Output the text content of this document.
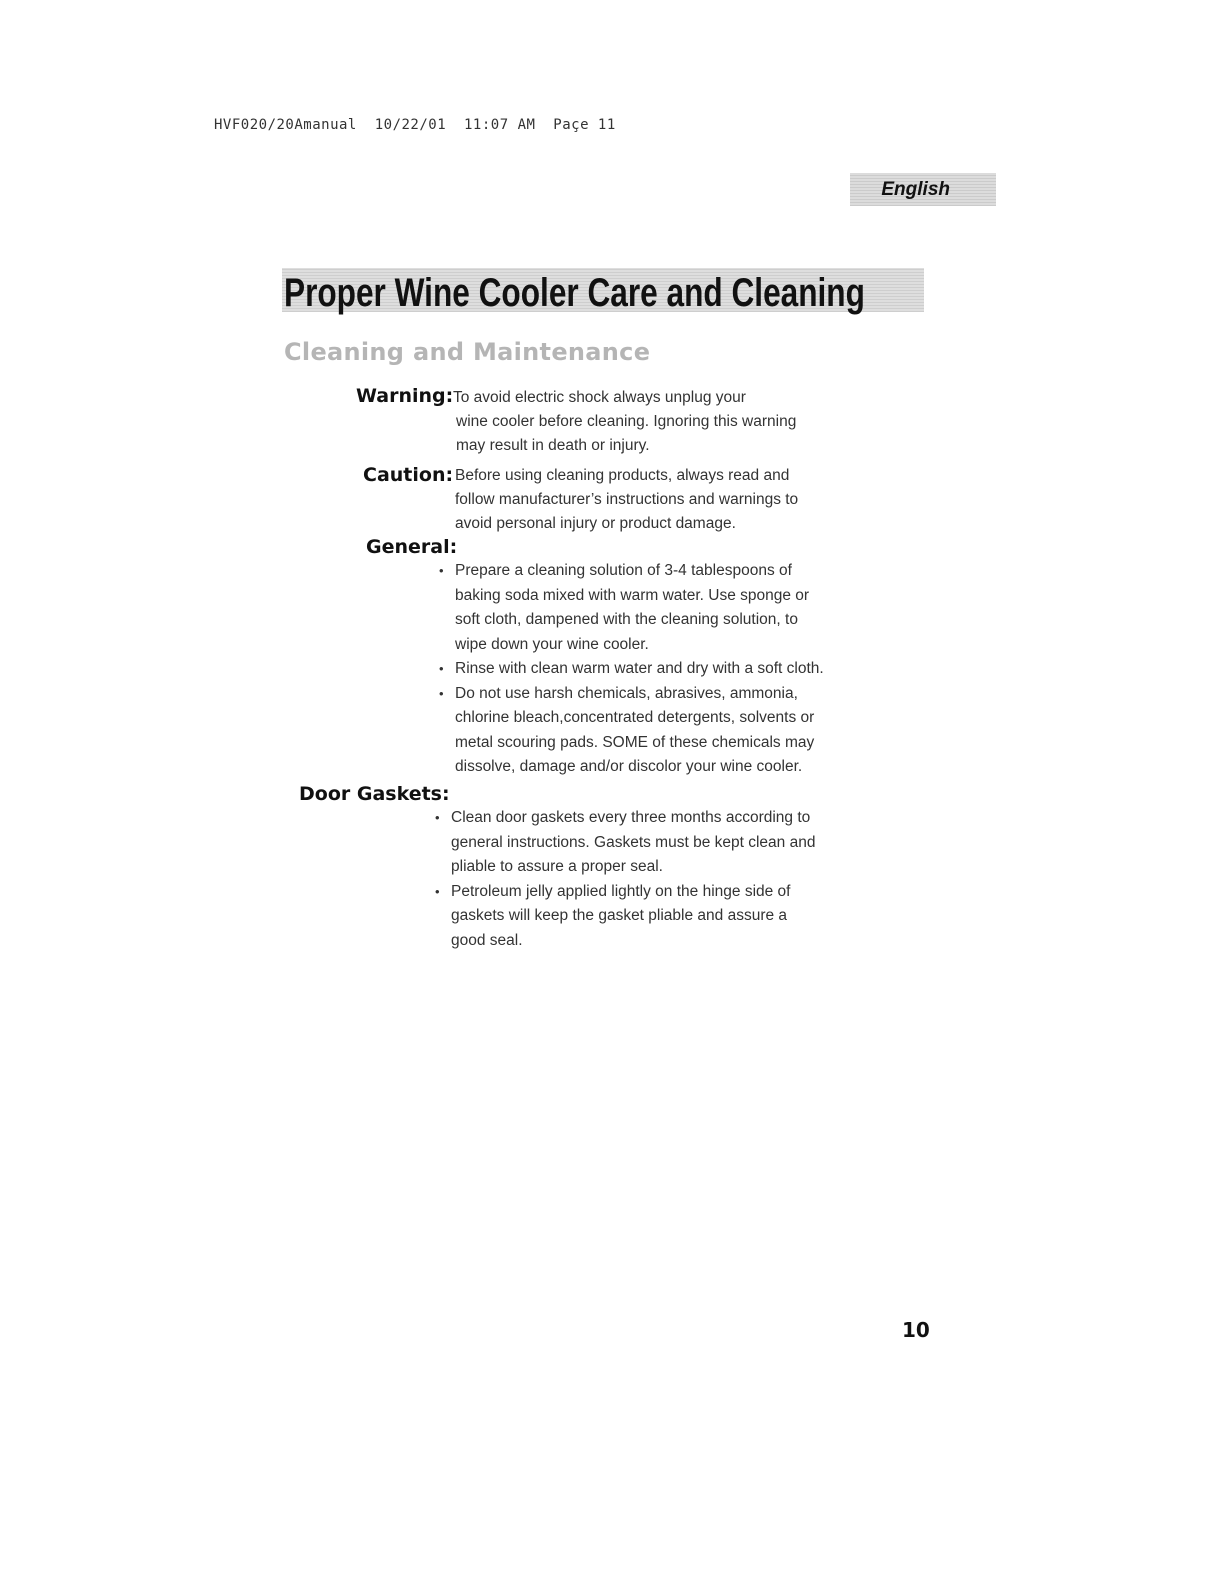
HVF020/20Amanual  10/22/01  11:07 AM  Paçe 11
English
Proper Wine Cooler Care and Cleaning
Cleaning and Maintenance
Warning: To avoid electric shock always unplug your
wine cooler before cleaning. Ignoring this warning
may result in death or injury.
Caution: Before using cleaning products, always read and
follow manufacturer’s instructions and warnings to
avoid personal injury or product damage.
General:
• Prepare a cleaning solution of 3-4 tablespoons of
baking soda mixed with warm water. Use sponge or
soft cloth, dampened with the cleaning solution, to
wipe down your wine cooler.
• Rinse with clean warm water and dry with a soft cloth.
• Do not use harsh chemicals, abrasives, ammonia,
chlorine bleach,concentrated detergents, solvents or
metal scouring pads. SOME of these chemicals may
dissolve, damage and/or discolor your wine cooler.
Door Gaskets:
• Clean door gaskets every three months according to
general instructions. Gaskets must be kept clean and
pliable to assure a proper seal.
• Petroleum jelly applied lightly on the hinge side of
gaskets will keep the gasket pliable and assure a
good seal.
10
